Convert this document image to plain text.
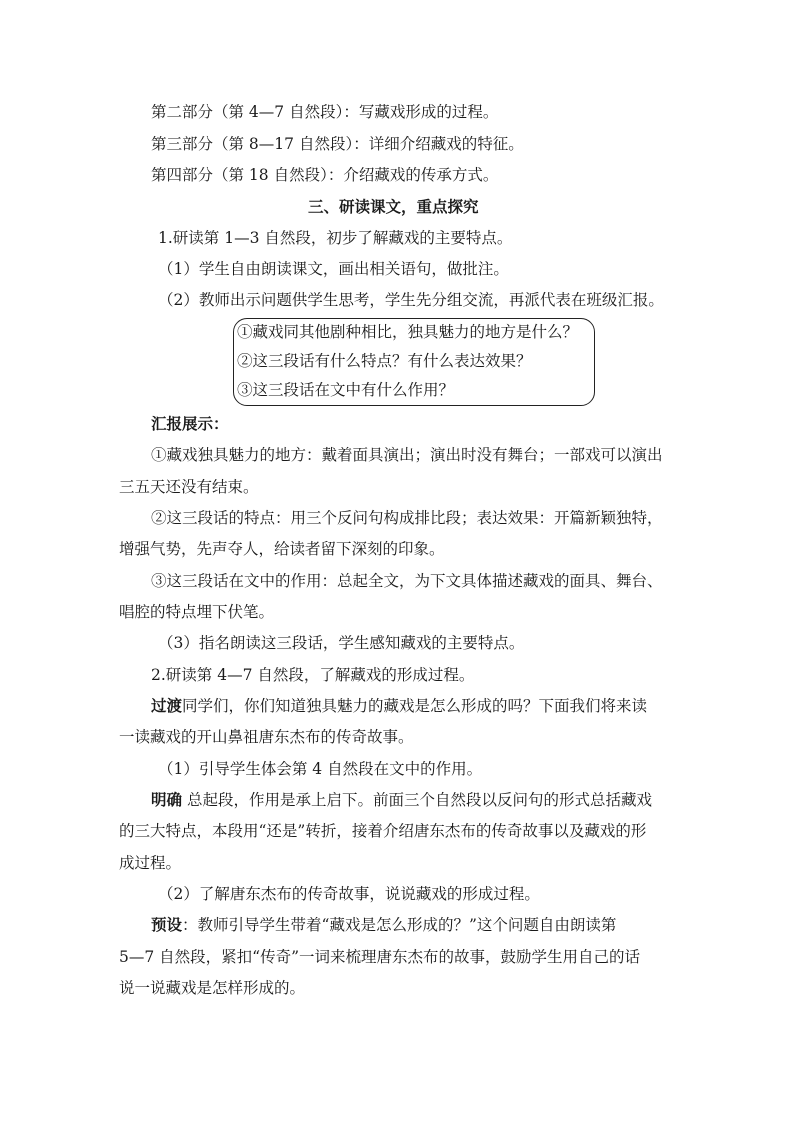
第二部分（第 4—7 自然段）：写藏戏形成的过程。
第三部分（第 8—17 自然段）：详细介绍藏戏的特征。
第四部分（第 18 自然段）：介绍藏戏的传承方式。
三、研读课文，重点探究
1.研读第 1—3 自然段，初步了解藏戏的主要特点。
（1）学生自由朗读课文，画出相关语句，做批注。
（2）教师出示问题供学生思考，学生先分组交流，再派代表在班级汇报。
①藏戏同其他剧种相比，独具魅力的地方是什么？
②这三段话有什么特点？有什么表达效果？
③这三段话在文中有什么作用？
汇报展示：
①藏戏独具魅力的地方：戴着面具演出；演出时没有舞台；一部戏可以演出
三五天还没有结束。
②这三段话的特点：用三个反问句构成排比段；表达效果：开篇新颖独特，
增强气势，先声夺人，给读者留下深刻的印象。
③这三段话在文中的作用：总起全文，为下文具体描述藏戏的面具、舞台、
唱腔的特点埋下伏笔。
（3）指名朗读这三段话，学生感知藏戏的主要特点。
2.研读第 4—7 自然段，了解藏戏的形成过程。
过渡同学们，你们知道独具魅力的藏戏是怎么形成的吗？下面我们将来读
一读藏戏的开山鼻祖唐东杰布的传奇故事。
（1）引导学生体会第 4 自然段在文中的作用。
明确 总起段，作用是承上启下。前面三个自然段以反问句的形式总括藏戏
的三大特点，本段用“还是”转折，接着介绍唐东杰布的传奇故事以及藏戏的形
成过程。
（2）了解唐东杰布的传奇故事，说说藏戏的形成过程。
预设：教师引导学生带着“藏戏是怎么形成的？”这个问题自由朗读第
5—7 自然段，紧扣“传奇”一词来梳理唐东杰布的故事，鼓励学生用自己的话
说一说藏戏是怎样形成的。
